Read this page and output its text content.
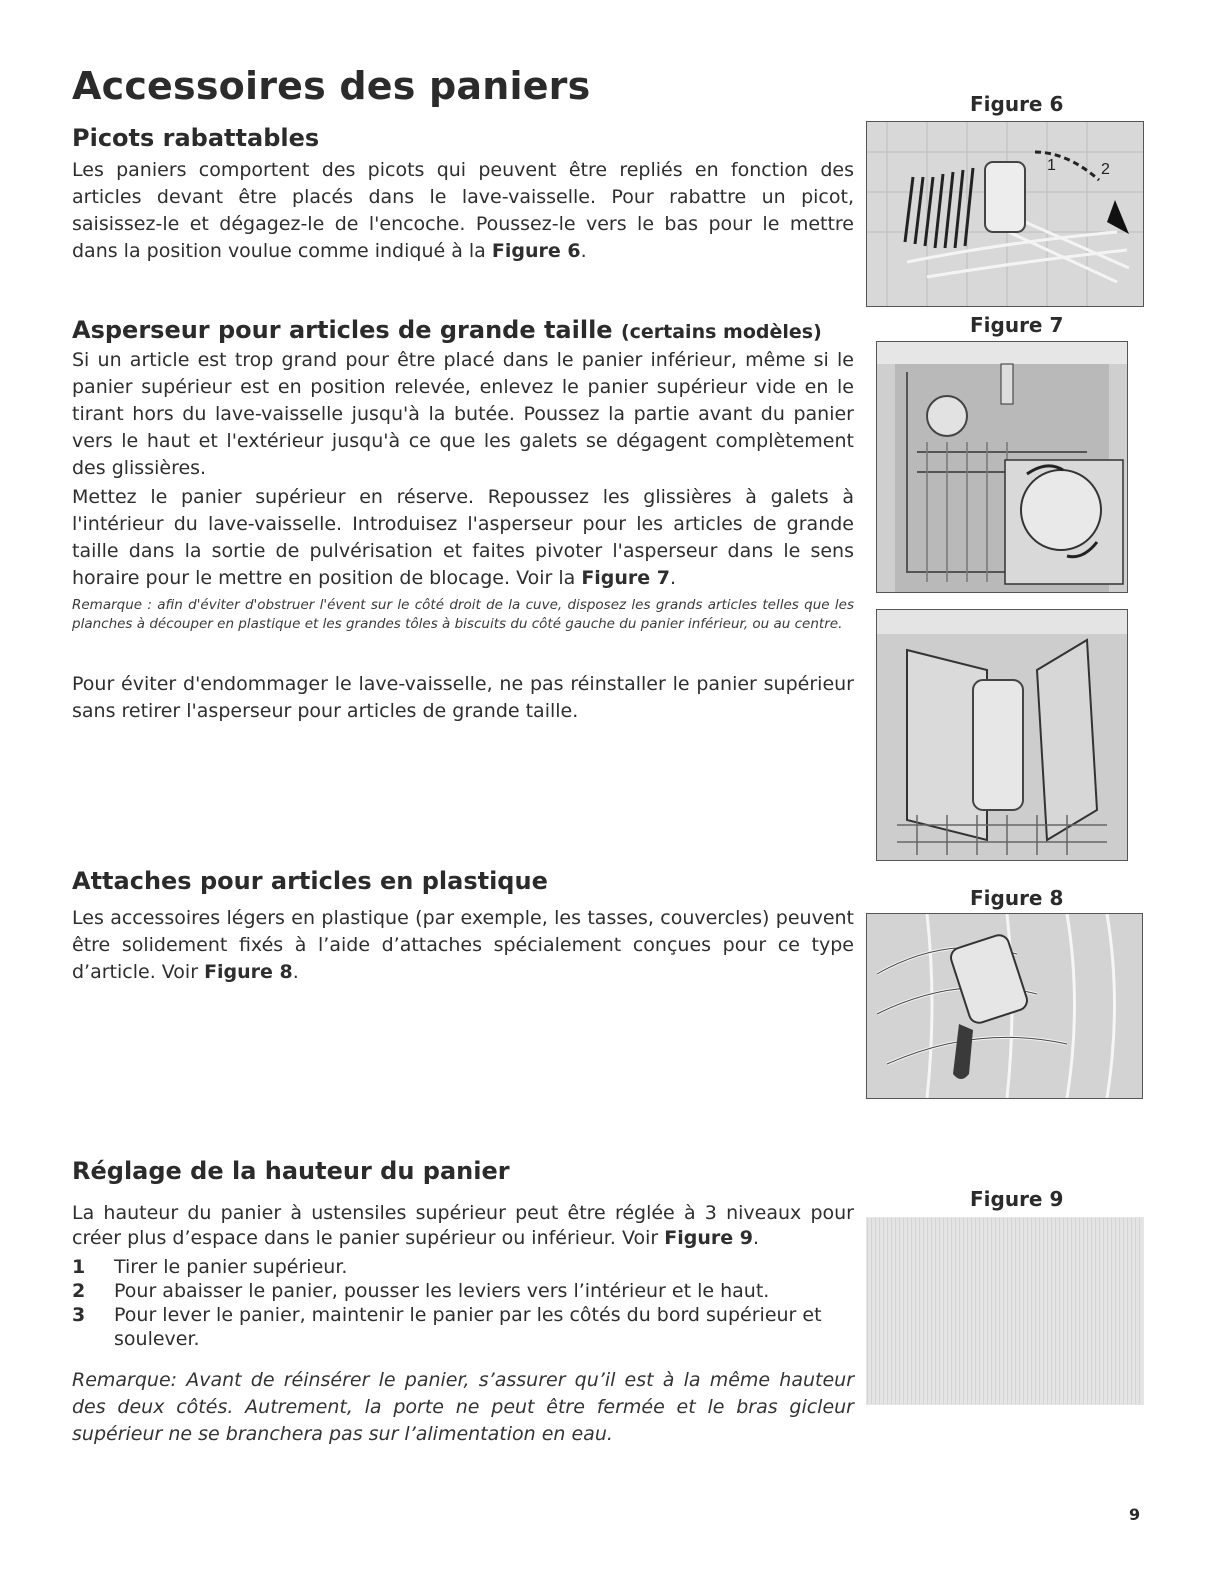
Accessoires des paniers
Picots rabattables

Les paniers comportent des picots qui peuvent être repliés en fonction des articles devant être placés dans le lave-vaisselle. Pour rabattre un picot, saisissez-le et dégagez-le de l'encoche. Poussez-le vers le bas pour le mettre dans la position voulue comme indiqué à la Figure 6.

Asperseur pour articles de grande taille (certains modèles)

Si un article est trop grand pour être placé dans le panier inférieur, même si le panier supérieur est en position relevée, enlevez le panier supérieur vide en le tirant hors du lave-vaisselle jusqu'à la butée. Poussez la partie avant du panier vers le haut et l'extérieur jusqu'à ce que les galets se dégagent complètement des glissières.

Mettez le panier supérieur en réserve. Repoussez les glissières à galets à l'intérieur du lave-vaisselle. Introduisez l'asperseur pour les articles de grande taille dans la sortie de pulvérisation et faites pivoter l'asperseur dans le sens horaire pour le mettre en position de blocage. Voir la Figure 7.

Remarque : afin d'éviter d'obstruer l'évent sur le côté droit de la cuve, disposez les grands articles telles que les planches à découper en plastique et les grandes tôles à biscuits du côté gauche du panier inférieur, ou au centre.

Pour éviter d'endommager le lave-vaisselle, ne pas réinstaller le panier supérieur sans retirer l'asperseur pour articles de grande taille.

Attaches pour articles en plastique

Les accessoires légers en plastique (par exemple, les tasses, couvercles) peuvent être solidement fixés à l’aide d’attaches spécialement conçues pour ce type d’article. Voir Figure 8.

Réglage de la hauteur du panier

La hauteur du panier à ustensiles supérieur peut être réglée à 3 niveaux pour créer plus d’espace dans le panier supérieur ou inférieur. Voir Figure 9.

1 Tirer le panier supérieur.
2 Pour abaisser le panier, pousser les leviers vers l’intérieur et le haut.
3 Pour lever le panier, maintenir le panier par les côtés du bord supérieur et soulever.

Remarque: Avant de réinsérer le panier, s’assurer qu’il est à la même hauteur des deux côtés. Autrement, la porte ne peut être fermée et le bras gicleur supérieur ne se branchera pas sur l’alimentation en eau.

Figure 6
1	2
Figure 7
Figure 8
Figure 9
9
